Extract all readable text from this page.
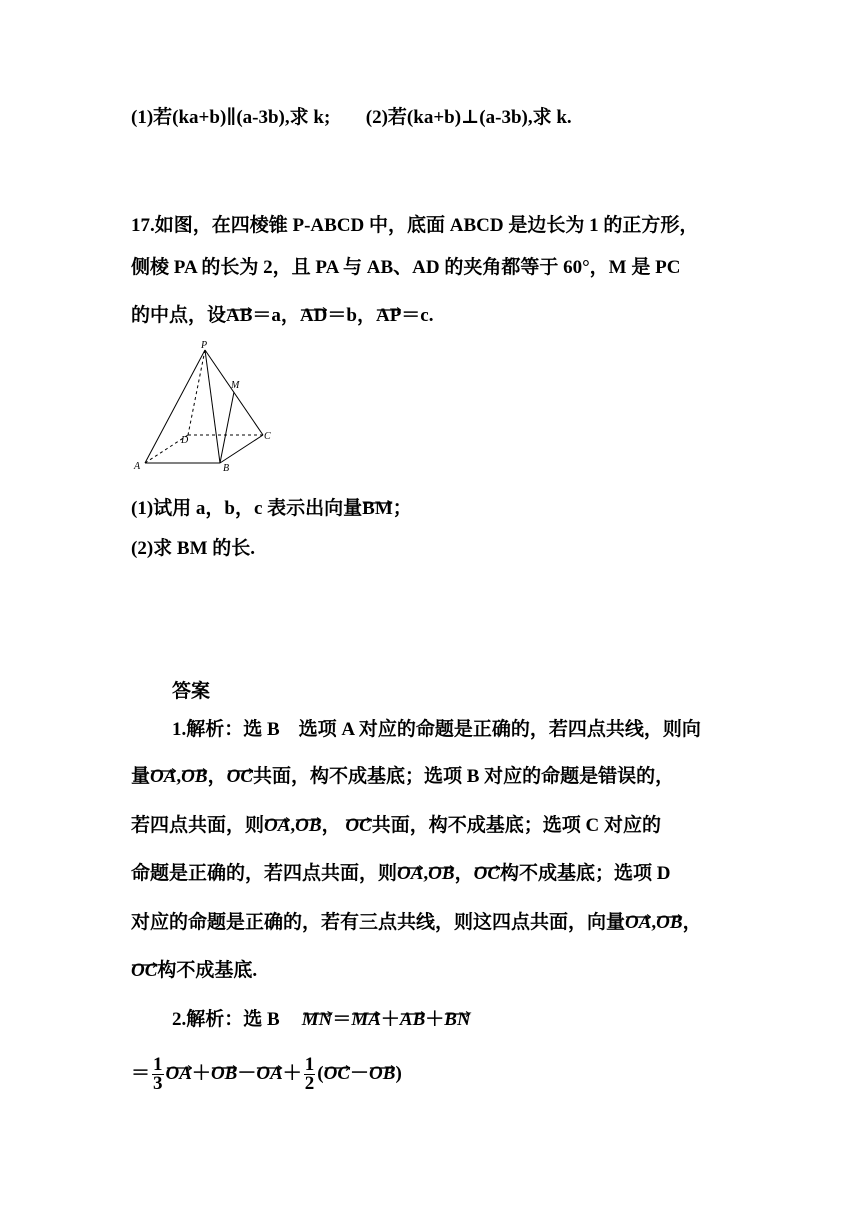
(1)若(ka+b)∥(a-3b),求 k; (2)若(ka+b)⊥(a-3b),求 k.
17.如图，在四棱锥 P-ABCD 中，底面 ABCD 是边长为 1 的正方形，
侧棱 PA 的长为 2，且 PA 与 AB、AD 的夹角都等于 60°，M 是 PC
的中点，设
AB＝a，
AD＝b，
AP＝c.
P
M
D	C
A	B
(1)试用 a，b，c 表示出向量
BM；
(2)求 BM 的长.
答案
1.解析：选 B　选项 A 对应的命题是正确的，若四点共线，则向
量
OA,
OB，
OC共面，构不成基底；选项 B 对应的命题是错误的，
若四点共面，则
OA,
OB， OC共面，构不成基底；选项 C 对应的
命题是正确的，若四点共面，则
OA,
OB，
OC构不成基底；选项 D
对应的命题是正确的，若有三点共线，则这四点共面，向量
OA,
OB，
OC构不成基底.
2.解析：选 B MN＝
MA＋
AB＋
BN
＝ $\frac{1}{3} OA+$
OB－
$OA+ \frac{1}{2}$ (
OC－
OB)
